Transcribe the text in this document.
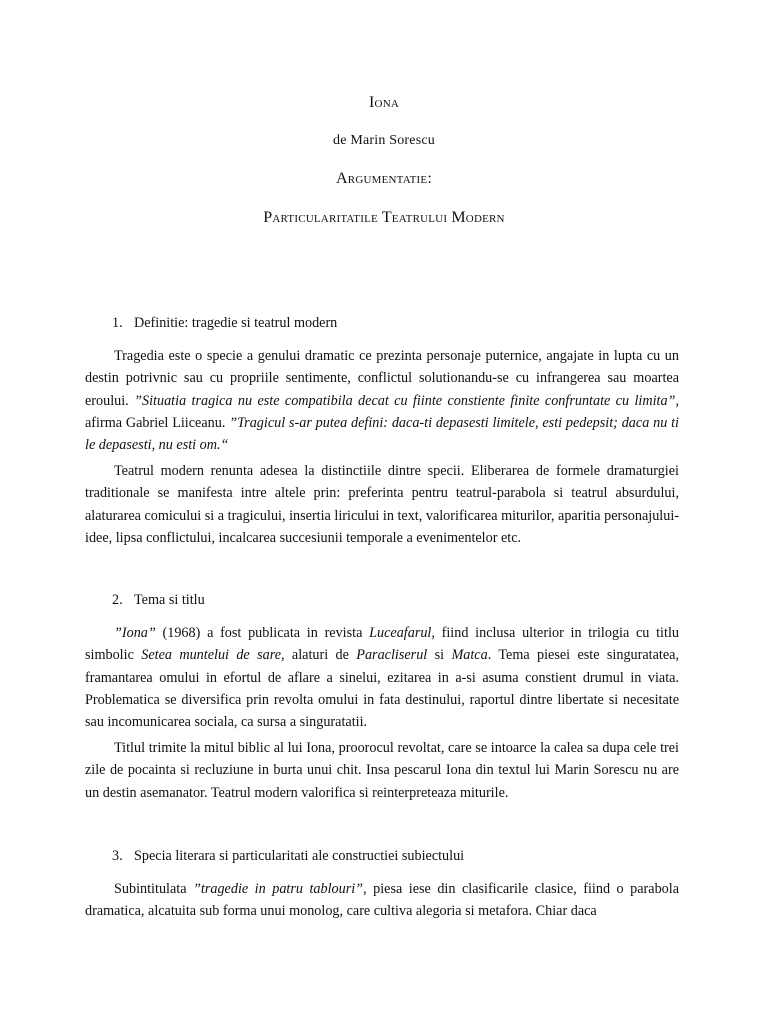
Iona
de Marin Sorescu
Argumentatie:
Particularitatile Teatrului Modern
1. Definitie: tragedie si teatrul modern
Tragedia este o specie a genului dramatic ce prezinta personaje puternice, angajate in lupta cu un destin potrivnic sau cu propriile sentimente, conflictul solutionandu-se cu infrangerea sau moartea eroului. ”Situatia tragica nu este compatibila decat cu fiinte constiente finite confruntate cu limita”, afirma Gabriel Liiceanu. ”Tragicul s-ar putea defini: daca-ti depasesti limitele, esti pedepsit; daca nu ti le depasesti, nu esti om.“
Teatrul modern renunta adesea la distinctiile dintre specii. Eliberarea de formele dramaturgiei traditionale se manifesta intre altele prin: preferinta pentru teatrul-parabola si teatrul absurdului, alaturarea comicului si a tragicului, insertia liricului in text, valorificarea miturilor, aparitia personajului-idee, lipsa conflictului, incalcarea succesiunii temporale a evenimentelor etc.
2. Tema si titlu
”Iona” (1968) a fost publicata in revista Luceafarul, fiind inclusa ulterior in trilogia cu titlu simbolic Setea muntelui de sare, alaturi de Paracliserul si Matca. Tema piesei este singuratatea, framantarea omului in efortul de aflare a sinelui, ezitarea in a-si asuma constient drumul in viata. Problematica se diversifica prin revolta omului in fata destinului, raportul dintre libertate si necesitate sau incomunicarea sociala, ca sursa a singuratatii.
Titlul trimite la mitul biblic al lui Iona, proorocul revoltat, care se intoarce la calea sa dupa cele trei zile de pocainta si recluziune in burta unui chit. Insa pescarul Iona din textul lui Marin Sorescu nu are un destin asemanator. Teatrul modern valorifica si reinterpreteaza miturile.
3. Specia literara si particularitati ale constructiei subiectului
Subintitulata ”tragedie in patru tablouri”, piesa iese din clasificarile clasice, fiind o parabola dramatica, alcatuita sub forma unui monolog, care cultiva alegoria si metafora. Chiar daca
